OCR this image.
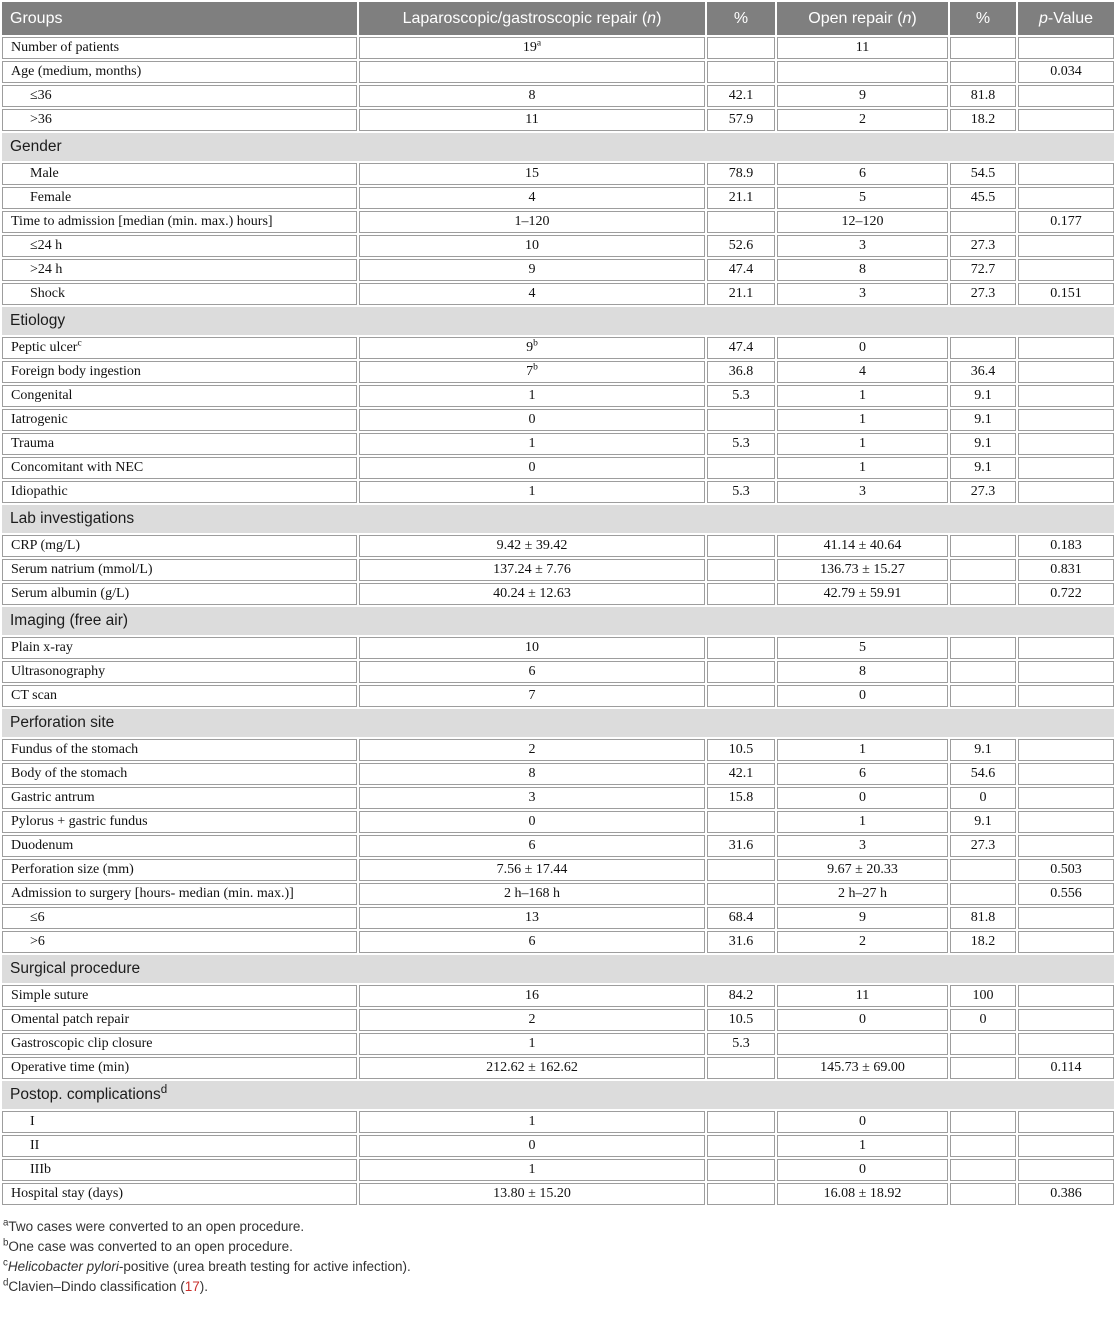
Groups	Laparoscopic/gastroscopic repair (n)	%	Open repair (n)	%	p-Value
Number of patients	19$^a$		11		
Age (medium, months)					0.034
≤36	8	42.1	9	81.8	
>36	11	57.9	2	18.2	
Gender					
Male	15	78.9	6	54.5	
Female	4	21.1	5	45.5	
Time to admission [median (min. max.) hours]	1–120		12–120		0.177
≤24 h	10	52.6	3	27.3	
>24 h	9	47.4	8	72.7	
Shock	4	21.1	3	27.3	0.151
Etiology					
Peptic ulcer$^c$	9$^b$	47.4	0		
Foreign body ingestion	7$^b$	36.8	4	36.4	
Congenital	1	5.3	1	9.1	
Iatrogenic	0		1	9.1	
Trauma	1	5.3	1	9.1	
Concomitant with NEC	0		1	9.1	
Idiopathic	1	5.3	3	27.3	
Lab investigations					
CRP (mg/L)	9.42 ± 39.42		41.14 ± 40.64		0.183
Serum natrium (mmol/L)	137.24 ± 7.76		136.73 ± 15.27		0.831
Serum albumin (g/L)	40.24 ± 12.63		42.79 ± 59.91		0.722
Imaging (free air)					
Plain x-ray	10		5		
Ultrasonography	6		8		
CT scan	7		0		
Perforation site					
Fundus of the stomach	2	10.5	1	9.1	
Body of the stomach	8	42.1	6	54.6	
Gastric antrum	3	15.8	0	0	
Pylorus + gastric fundus	0		1	9.1	
Duodenum	6	31.6	3	27.3	
Perforation size (mm)	7.56 ± 17.44		9.67 ± 20.33		0.503
Admission to surgery [hours- median (min. max.)]	2 h–168 h		2 h–27 h		0.556
≤6	13	68.4	9	81.8	
>6	6	31.6	2	18.2	
Surgical procedure					
Simple suture	16	84.2	11	100	
Omental patch repair	2	10.5	0	0	
Gastroscopic clip closure	1	5.3			
Operative time (min)	212.62 ± 162.62		145.73 ± 69.00		0.114
Postop. complications$^d$
I	1		0		
II	0		1		
IIIb	1		0		
Hospital stay (days)	13.80 ± 15.20		16.08 ± 18.92		0.386

$^a$Two cases were converted to an open procedure.

$^b$One case was converted to an open procedure.

$^c$Helicobacter pylori-positive (urea breath testing for active infection).

$^d$Clavien–Dindo classification (17).
